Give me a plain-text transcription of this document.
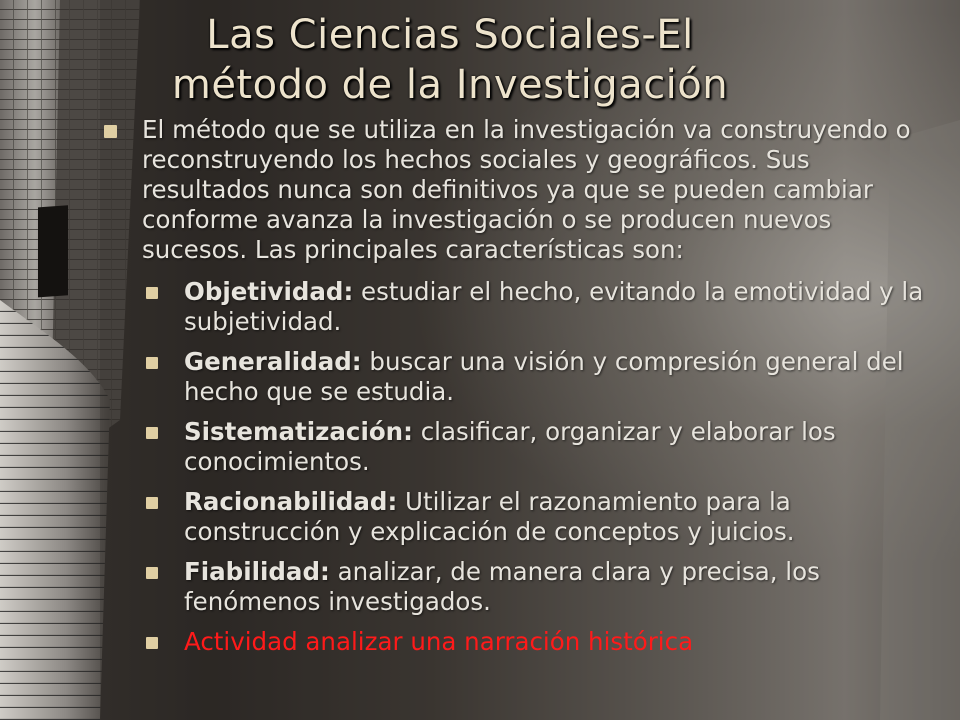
Las Ciencias Sociales-El
método de la Investigación
El método que se utiliza en la investigación va construyendo o reconstruyendo los hechos sociales y geográficos. Sus resultados nunca son definitivos ya que se pueden cambiar conforme avanza la investigación o se producen nuevos sucesos. Las principales características son:
Objetividad: estudiar el hecho, evitando la emotividad y la subjetividad.
Generalidad: buscar una visión y compresión general del hecho que se estudia.
Sistematización: clasificar, organizar y elaborar los conocimientos.
Racionabilidad: Utilizar el razonamiento para la construcción y explicación de conceptos y juicios.
Fiabilidad: analizar, de manera clara y precisa, los fenómenos investigados.
Actividad analizar una narración histórica
